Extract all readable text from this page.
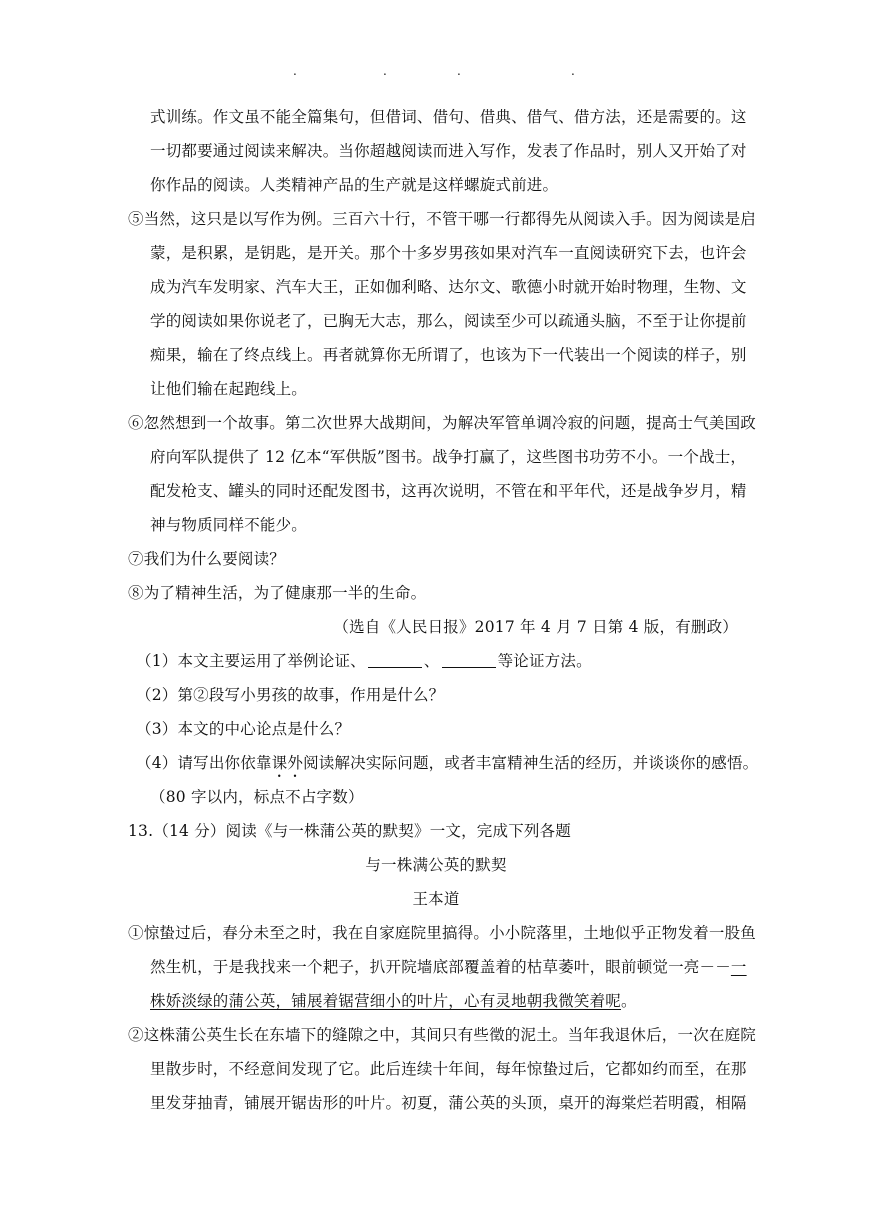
.	.	.	.
式训练。作文虽不能全篇集句，但借词、借句、借典、借气、借方法，还是需要的。这
一切都要通过阅读来解决。当你超越阅读而进入写作，发表了作品时，别人又开始了对
你作品的阅读。人类精神产品的生产就是这样螺旋式前进。
⑤当然，这只是以写作为例。三百六十行，不管干哪一行都得先从阅读入手。因为阅读是启
蒙，是积累，是钥匙，是开关。那个十多岁男孩如果对汽车一直阅读研究下去，也许会
成为汽车发明家、汽车大王，正如伽利略、达尔文、歌德小时就开始时物理，生物、文
学的阅读如果你说老了，已胸无大志，那么，阅读至少可以疏通头脑，不至于让你提前
痴果，输在了终点线上。再者就算你无所谓了，也该为下一代装出一个阅读的样子，别
让他们输在起跑线上。
⑥忽然想到一个故事。第二次世界大战期间，为解决军管单调冷寂的问题，提高士气美国政
府向军队提供了 12 亿本“军供版”图书。战争打赢了，这些图书功劳不小。一个战士，
配发枪支、罐头的同时还配发图书，这再次说明，不管在和平年代，还是战争岁月，精
神与物质同样不能少。
⑦我们为什么要阅读？
⑧为了精神生活，为了健康那一半的生命。
（选自《人民日报》2017 年 4 月 7 日第 4 版，有删政）
（1）本文主要运用了举例论证、	、	等论证方法。
（2）第②段写小男孩的故事，作用是什么？
（3）本文的中心论点是什么？
（4）请写出你依靠课外阅读解决实际问题，或者丰富精神生活的经历，并谈谈你的感悟。
（80 字以内，标点不占字数）
13.（14 分）阅读《与一株蒲公英的默契》一文，完成下列各题
与一株满公英的默契
王本道
①惊蛰过后，春分未至之时，我在自家庭院里搞得。小小院落里，土地似乎正物发着一股鱼
然生机，于是我找来一个耙子，扒开院墙底部覆盖着的枯草萎叶，眼前顿觉一亮－－一
株娇淡绿的蒲公英，铺展着锯营细小的叶片，心有灵地朝我微笑着呢。
②这株蒲公英生长在东墙下的缝隙之中，其间只有些徵的泥土。当年我退休后，一次在庭院
里散步时，不经意间发现了它。此后连续十年间，每年惊蛰过后，它都如约而至，在那
里发芽抽青，铺展开锯齿形的叶片。初夏，蒲公英的头顶，桌开的海棠烂若明霞，相隔
